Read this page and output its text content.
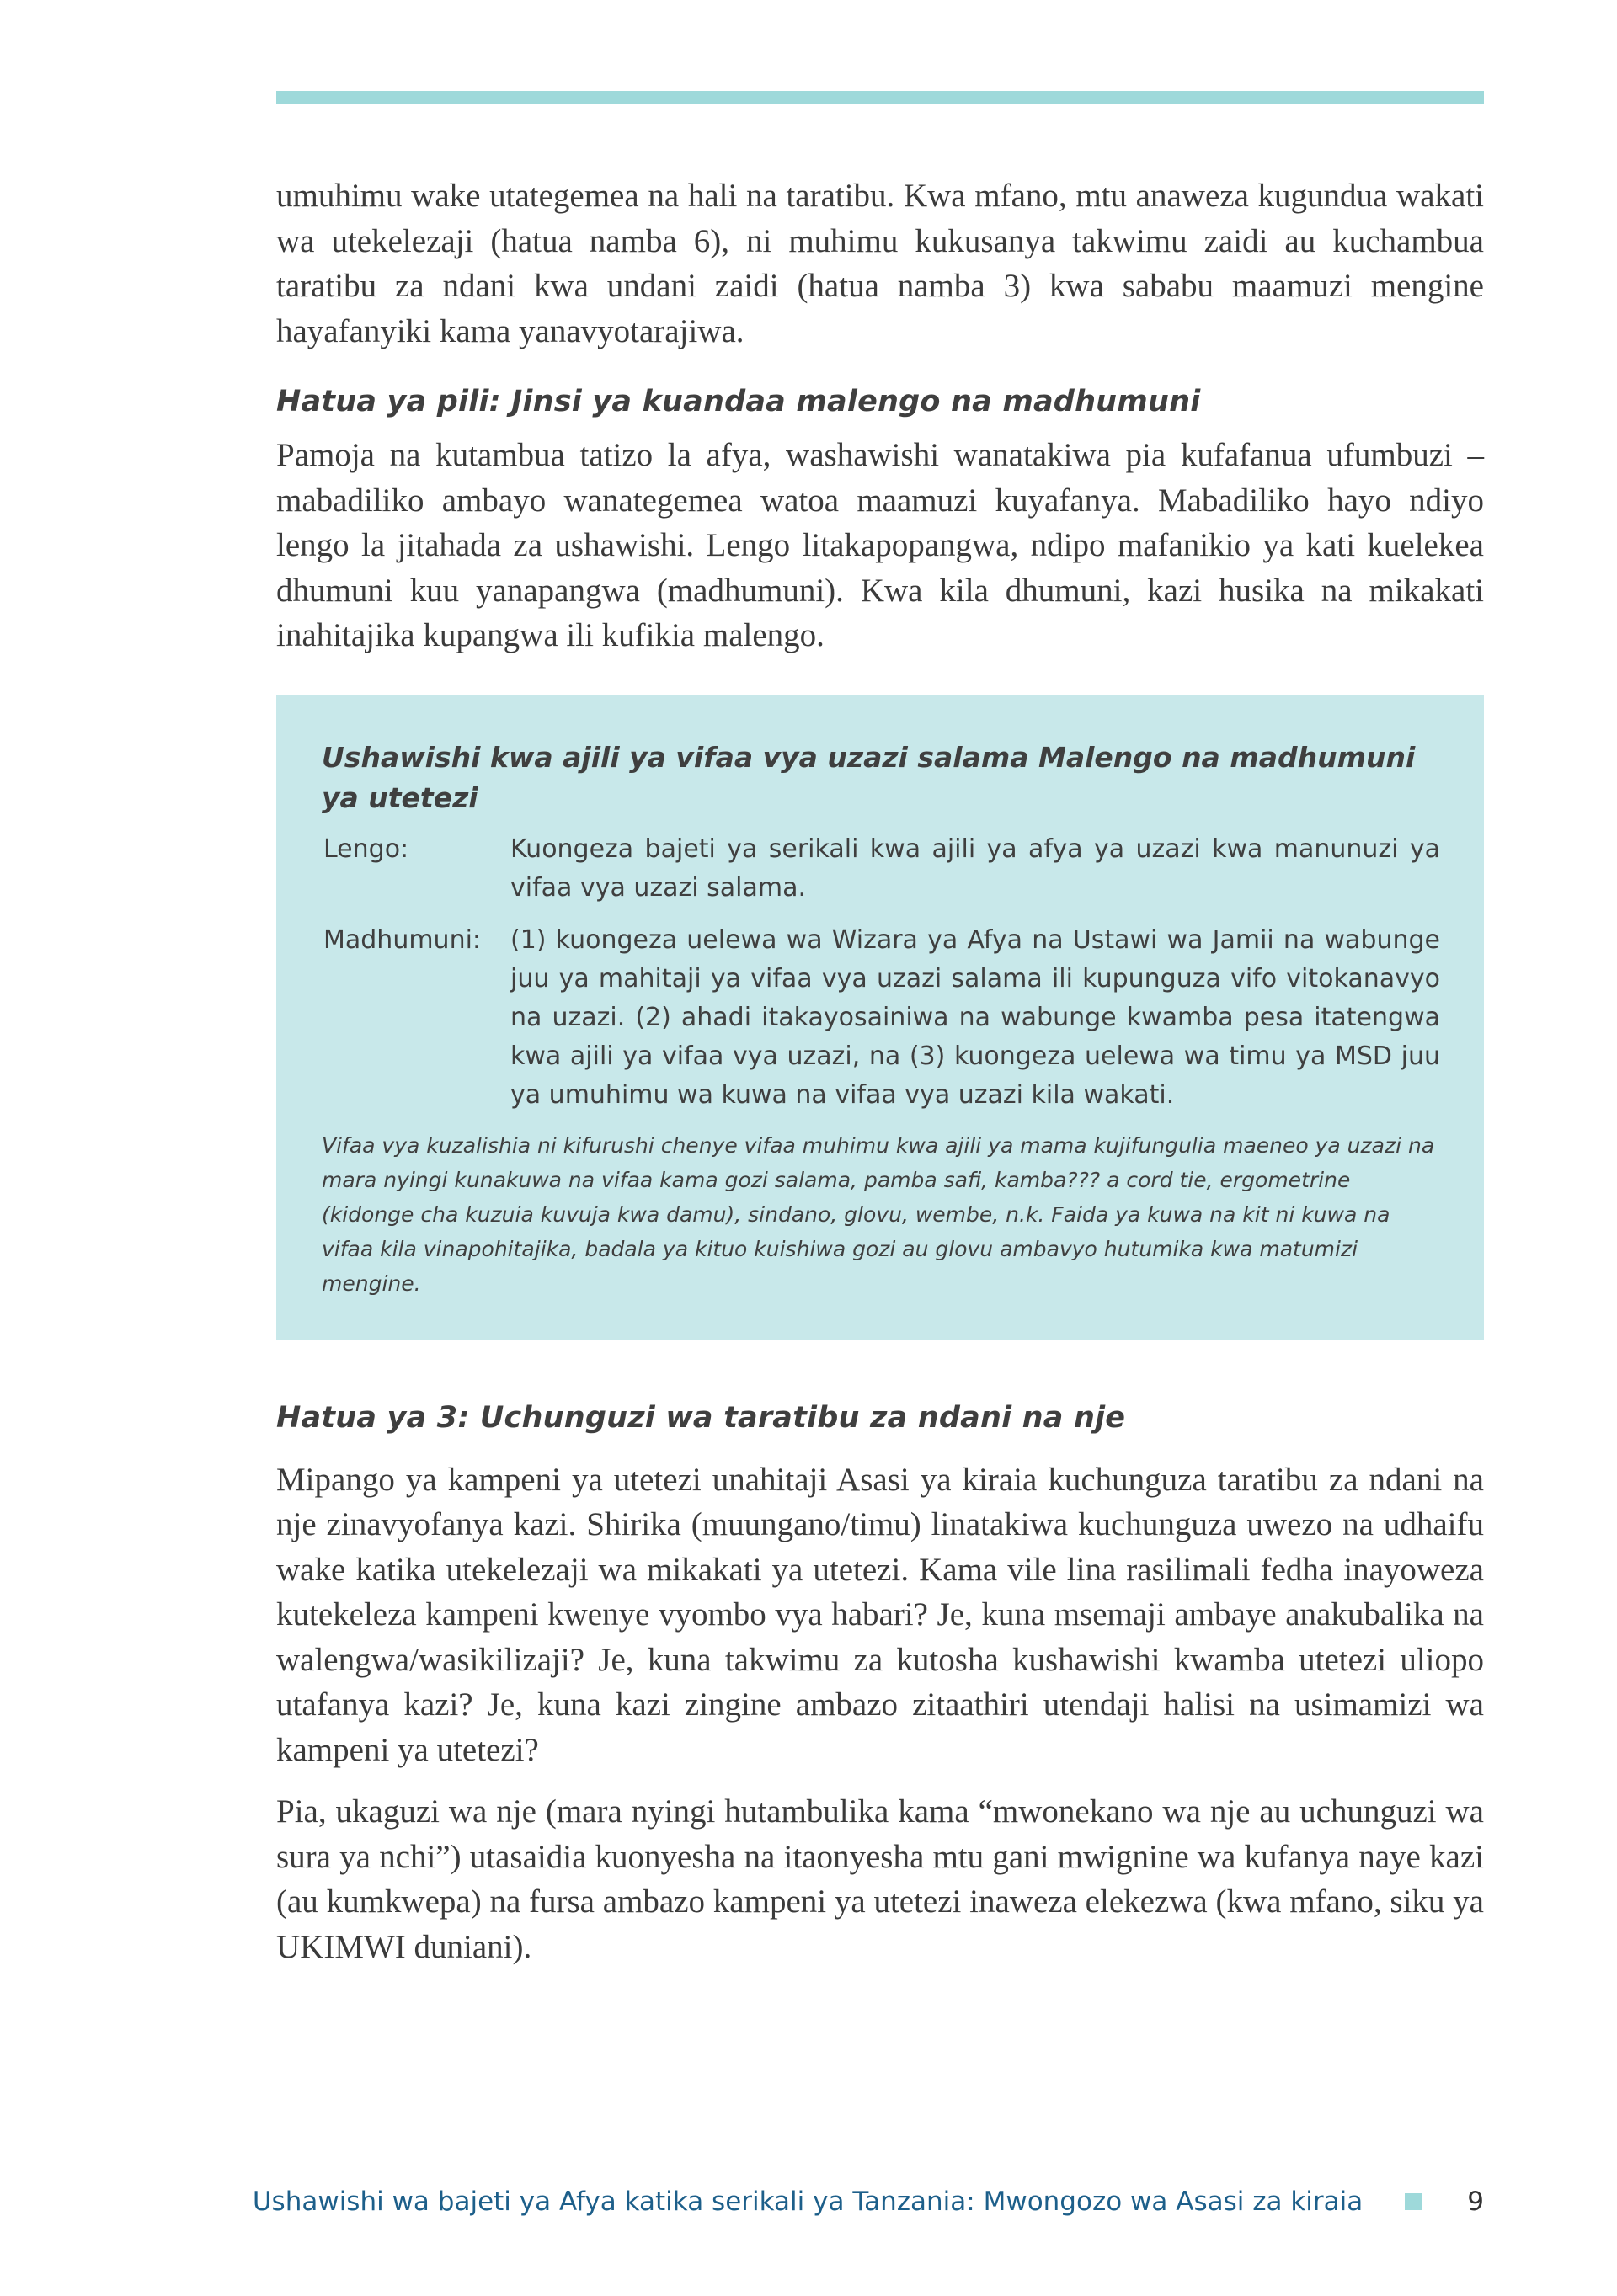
umuhimu wake utategemea na hali na taratibu. Kwa mfano, mtu anaweza kugundua wakati wa utekelezaji (hatua namba 6), ni muhimu kukusanya takwimu zaidi au kuchambua taratibu za ndani kwa undani zaidi (hatua namba 3) kwa sababu maamuzi mengine hayafanyiki kama yanavyotarajiwa.

Hatua ya pili: Jinsi ya kuandaa malengo na madhumuni

Pamoja na kutambua tatizo la afya, washawishi wanatakiwa pia kufafanua ufumbuzi – mabadiliko ambayo wanategemea watoa maamuzi kuyafanya. Mabadiliko hayo ndiyo lengo la jitahada za ushawishi. Lengo litakapopangwa, ndipo mafanikio ya kati kuelekea dhumuni kuu yanapangwa (madhumuni). Kwa kila dhumuni, kazi husika na mikakati inahitajika kupangwa ili kufikia malengo.

Ushawishi kwa ajili ya vifaa vya uzazi salama Malengo na madhumuni ya utetezi
Lengo:	Kuongeza bajeti ya serikali kwa ajili ya afya ya uzazi kwa manunuzi ya vifaa vya uzazi salama.
Madhumuni:	(1) kuongeza uelewa wa Wizara ya Afya na Ustawi wa Jamii na wabunge juu ya mahitaji ya vifaa vya uzazi salama ili kupunguza vifo vitokanavyo na uzazi. (2) ahadi itakayosainiwa na wabunge kwamba pesa itatengwa kwa ajili ya vifaa vya uzazi, na (3) kuongeza uelewa wa timu ya MSD juu ya umuhimu wa kuwa na vifaa vya uzazi kila wakati.

Vifaa vya kuzalishia ni kifurushi chenye vifaa muhimu kwa ajili ya mama kujifungulia maeneo ya uzazi na mara nyingi kunakuwa na vifaa kama gozi salama, pamba safi, kamba??? a cord tie, ergometrine (kidonge cha kuzuia kuvuja kwa damu), sindano, glovu, wembe, n.k. Faida ya kuwa na kit ni kuwa na vifaa kila vinapohitajika, badala ya kituo kuishiwa gozi au glovu ambavyo hutumika kwa matumizi mengine.

Hatua ya 3: Uchunguzi wa taratibu za ndani na nje

Mipango ya kampeni ya utetezi unahitaji Asasi ya kiraia kuchunguza taratibu za ndani na nje zinavyofanya kazi. Shirika (muungano/timu) linatakiwa kuchunguza uwezo na udhaifu wake katika utekelezaji wa mikakati ya utetezi. Kama vile lina rasilimali fedha inayoweza kutekeleza kampeni kwenye vyombo vya habari? Je, kuna msemaji ambaye anakubalika na walengwa/wasikilizaji? Je, kuna takwimu za kutosha kushawishi kwamba utetezi uliopo utafanya kazi? Je, kuna kazi zingine ambazo zitaathiri utendaji halisi na usimamizi wa kampeni ya utetezi?

Pia, ukaguzi wa nje (mara nyingi hutambulika kama “mwonekano wa nje au uchunguzi wa sura ya nchi”) utasaidia kuonyesha na itaonyesha mtu gani mwignine wa kufanya naye kazi (au kumkwepa) na fursa ambazo kampeni ya utetezi inaweza elekezwa (kwa mfano, siku ya UKIMWI duniani).

Ushawishi wa bajeti ya Afya katika serikali ya Tanzania: Mwongozo wa Asasi za kiraia	9
